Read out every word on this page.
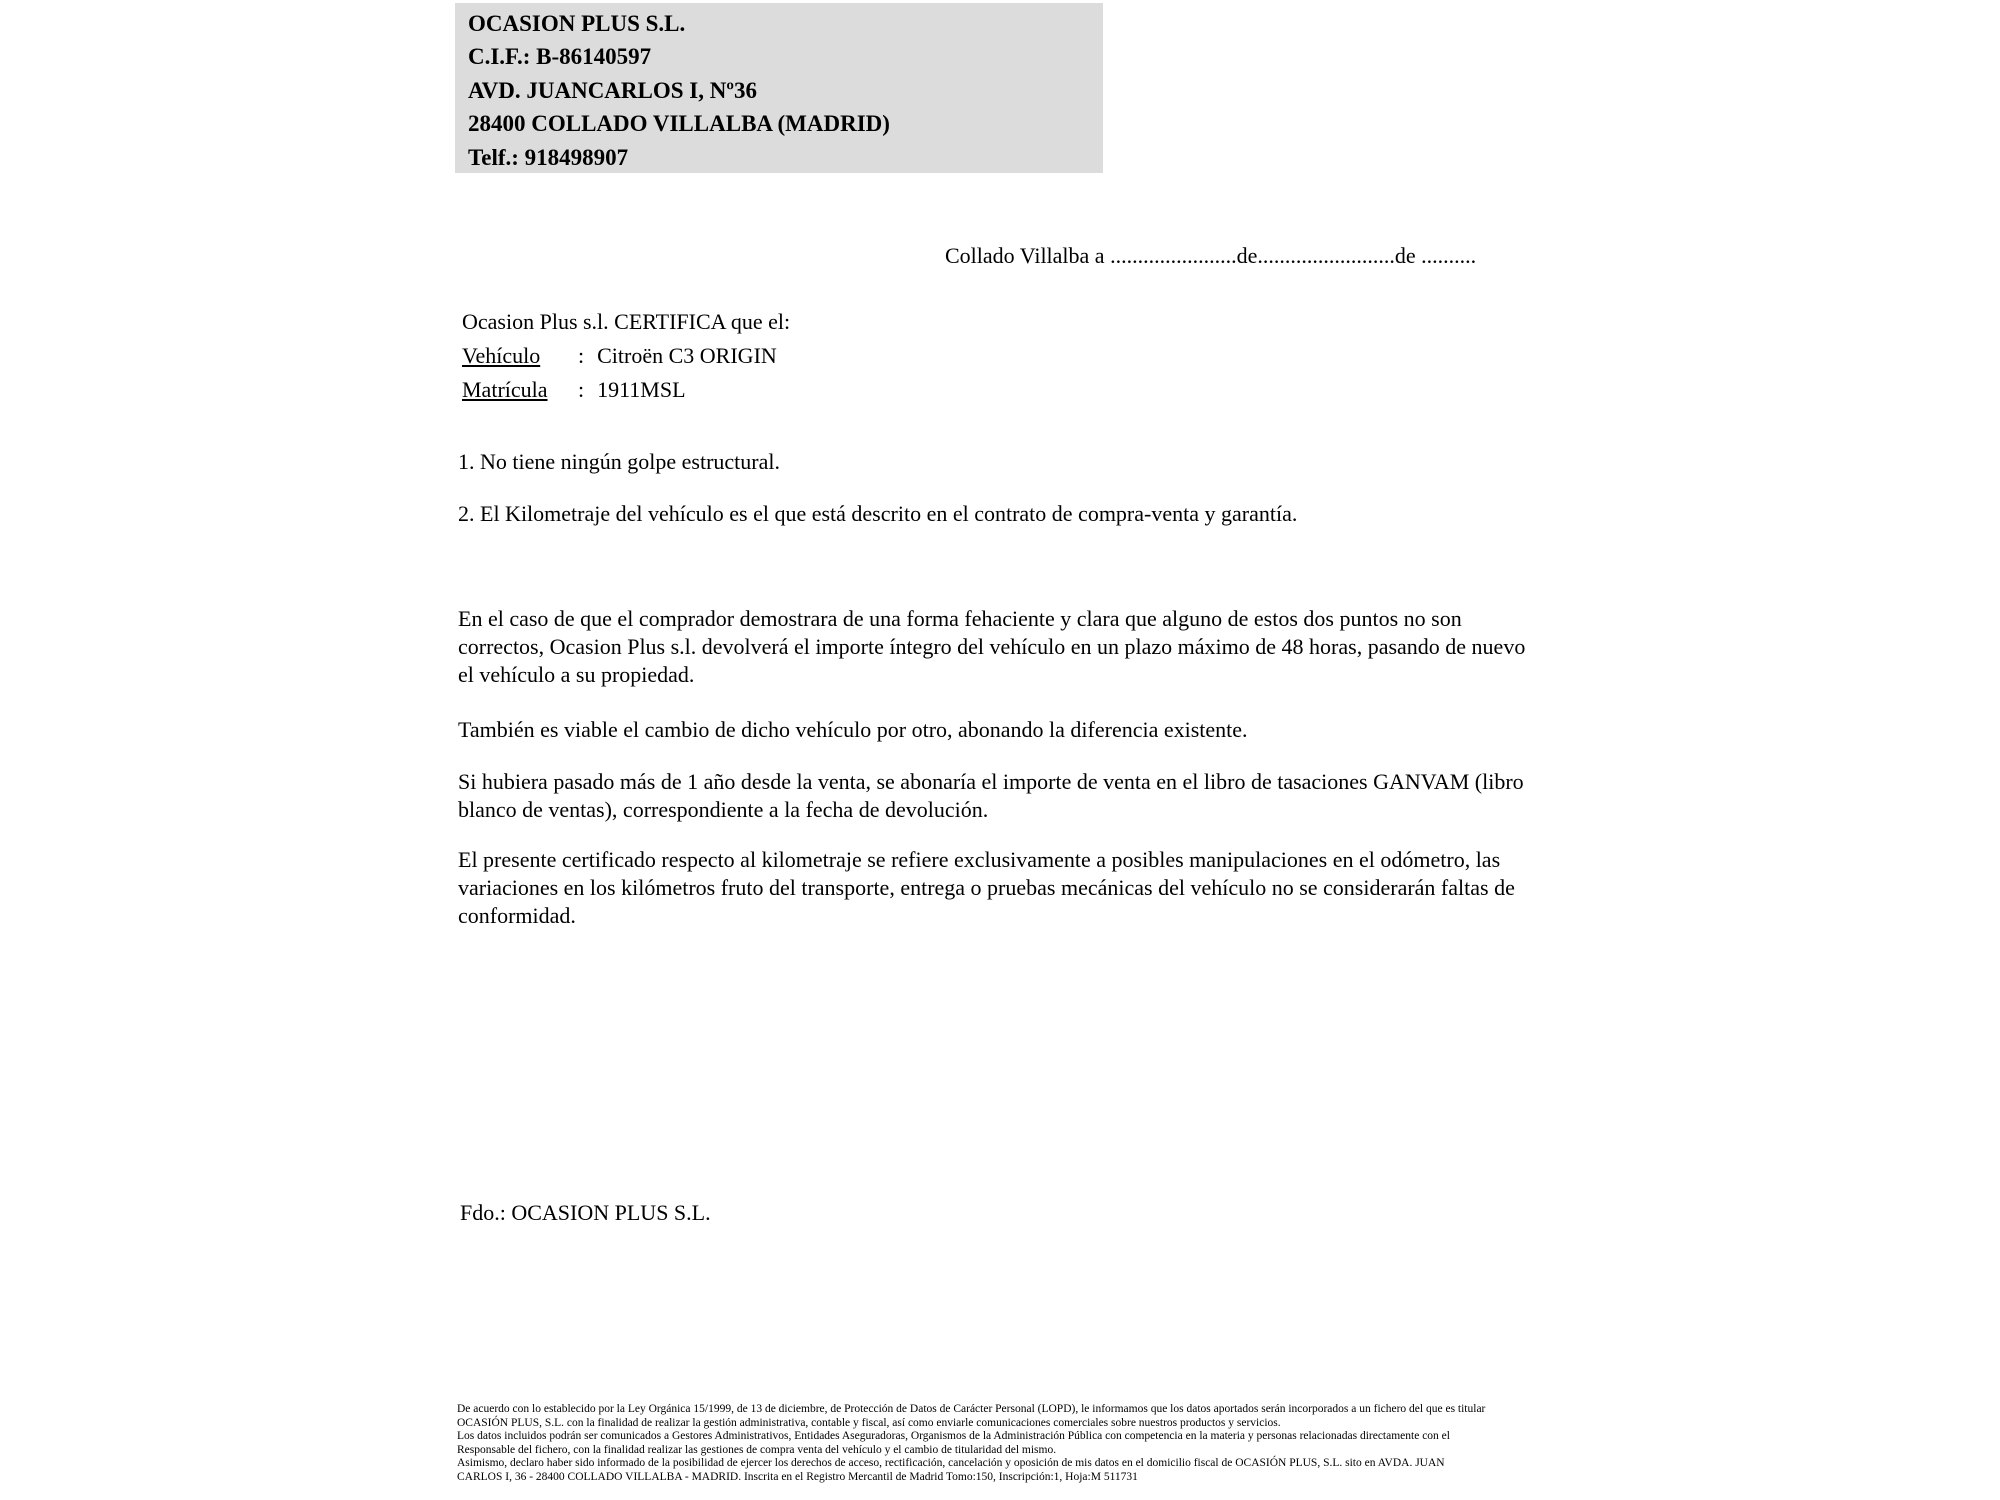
OCASION PLUS S.L.
C.I.F.: B-86140597
AVD. JUANCARLOS I, Nº36
28400 COLLADO VILLALBA (MADRID)
Telf.: 918498907
Collado Villalba a .......................de.........................de ..........
Ocasion Plus s.l. CERTIFICA que el:
Vehículo : Citroën C3 ORIGIN
Matrícula : 1911MSL
1. No tiene ningún golpe estructural.
2. El Kilometraje del vehículo es el que está descrito en el contrato de compra-venta y garantía.
En el caso de que el comprador demostrara de una forma fehaciente y clara que alguno de estos dos puntos no son correctos, Ocasion Plus s.l. devolverá el importe íntegro del vehículo en un plazo máximo de 48 horas, pasando de nuevo el vehículo a su propiedad.
También es viable el cambio de dicho vehículo por otro, abonando la diferencia existente.
Si hubiera pasado más de 1 año desde la venta, se abonaría el importe de venta en el libro de tasaciones GANVAM (libro blanco de ventas), correspondiente a la fecha de devolución.
El presente certificado respecto al kilometraje se refiere exclusivamente a posibles manipulaciones en el odómetro, las variaciones en los kilómetros fruto del transporte, entrega o pruebas mecánicas del vehículo no se considerarán faltas de conformidad.
Fdo.: OCASION PLUS S.L.
De acuerdo con lo establecido por la Ley Orgánica 15/1999, de 13 de diciembre, de Protección de Datos de Carácter Personal (LOPD), le informamos que los datos aportados serán incorporados a un fichero del que es titular
OCASIÓN PLUS, S.L. con la finalidad de realizar la gestión administrativa, contable y fiscal, así como enviarle comunicaciones comerciales sobre nuestros productos y servicios.
Los datos incluidos podrán ser comunicados a Gestores Administrativos, Entidades Aseguradoras, Organismos de la Administración Pública con competencia en la materia y personas relacionadas directamente con el
Responsable del fichero, con la finalidad realizar las gestiones de compra venta del vehículo y el cambio de titularidad del mismo.
Asimismo, declaro haber sido informado de la posibilidad de ejercer los derechos de acceso, rectificación, cancelación y oposición de mis datos en el domicilio fiscal de OCASIÓN PLUS, S.L. sito en AVDA. JUAN
CARLOS I, 36 - 28400 COLLADO VILLALBA - MADRID. Inscrita en el Registro Mercantil de Madrid Tomo:150, Inscripción:1, Hoja:M 511731
